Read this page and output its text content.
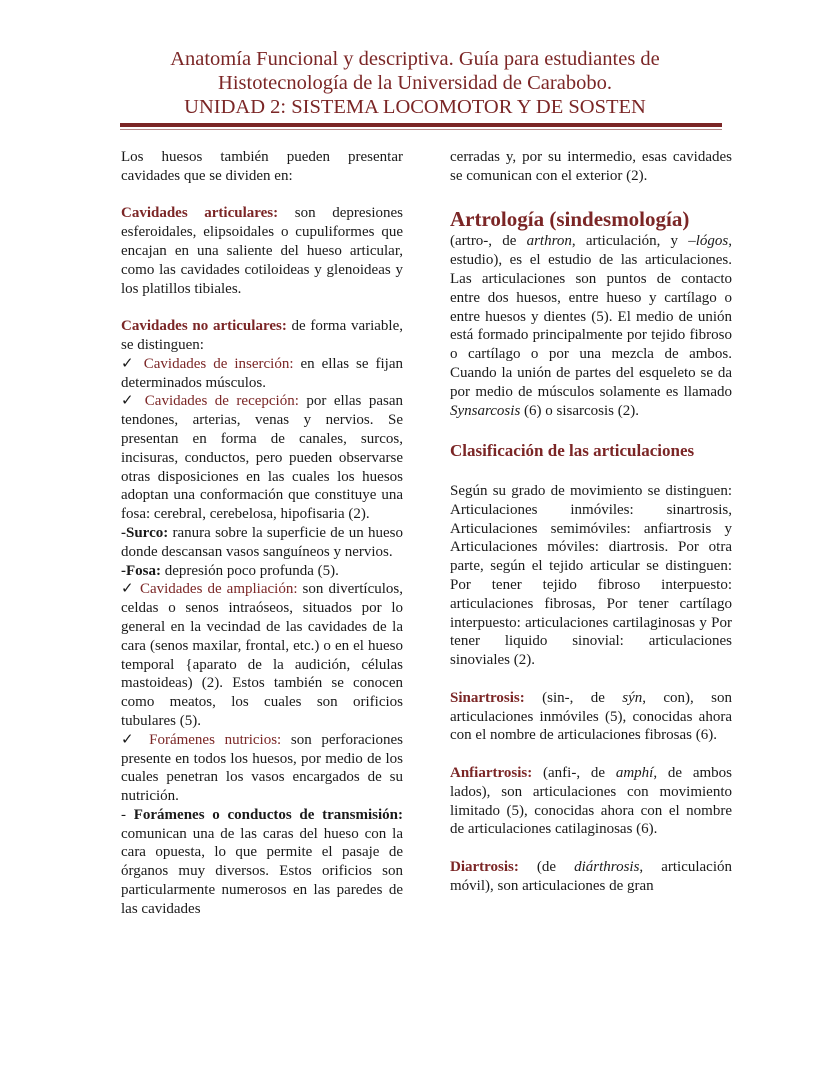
Anatomía Funcional y descriptiva. Guía para estudiantes de
Histotecnología de la Universidad de Carabobo.
UNIDAD 2: SISTEMA LOCOMOTOR Y DE SOSTEN

Los huesos también pueden presentar cavidades que se dividen en:

Cavidades articulares: son depresiones esferoidales, elipsoidales o cupuliformes que encajan en una saliente del hueso articular, como las cavidades cotiloideas y glenoideas y los platillos tibiales.

Cavidades no articulares: de forma variable, se distinguen:

✓ Cavidades de inserción: en ellas se fijan determinados músculos.

✓ Cavidades de recepción: por ellas pasan tendones, arterias, venas y nervios. Se presentan en forma de canales, surcos, incisuras, conductos, pero pueden observarse otras disposiciones en las cuales los huesos adoptan una conformación que constituye una fosa: cerebral, cerebelosa, hipofisaria (2).

-Surco: ranura sobre la superficie de un hueso donde descansan vasos sanguíneos y nervios.

-Fosa: depresión poco profunda (5).

✓ Cavidades de ampliación: son divertículos, celdas o senos intraóseos, situados por lo general en la vecindad de las cavidades de la cara (senos maxilar, frontal, etc.) o en el hueso temporal {aparato de la audición, células mastoideas) (2). Estos también se conocen como meatos, los cuales son orificios tubulares (5).

✓ Forámenes nutricios: son perforaciones presente en todos los huesos, por medio de los cuales penetran los vasos encargados de su nutrición.

- Forámenes o conductos de transmisión: comunican una de las caras del hueso con la cara opuesta, lo que permite el pasaje de órganos muy diversos. Estos orificios son particularmente numerosos en las paredes de las cavidades

cerradas y, por su intermedio, esas cavidades se comunican con el exterior (2).

Artrología (sindesmología)

(artro-, de arthron, articulación, y –lógos, estudio), es el estudio de las articulaciones. Las articulaciones son puntos de contacto entre dos huesos, entre hueso y cartílago o entre huesos y dientes (5). El medio de unión está formado principalmente por tejido fibroso o cartílago o por una mezcla de ambos. Cuando la unión de partes del esqueleto se da por medio de músculos solamente es llamado Synsarcosis (6) o sisarcosis (2).

Clasificación de las articulaciones

Según su grado de movimiento se distinguen: Articulaciones inmóviles: sinartrosis, Articulaciones semimóviles: anfiartrosis y Articulaciones móviles: diartrosis. Por otra parte, según el tejido articular se distinguen: Por tener tejido fibroso interpuesto: articulaciones fibrosas, Por tener cartílago interpuesto: articulaciones cartilaginosas y Por tener liquido sinovial: articulaciones sinoviales (2).

Sinartrosis: (sin-, de sýn, con), son articulaciones inmóviles (5), conocidas ahora con el nombre de articulaciones fibrosas (6).

Anfiartrosis: (anfi-, de amphí, de ambos lados), son articulaciones con movimiento limitado (5), conocidas ahora con el nombre de articulaciones catilaginosas (6).

Diartrosis: (de diárthrosis, articulación móvil), son articulaciones de gran
